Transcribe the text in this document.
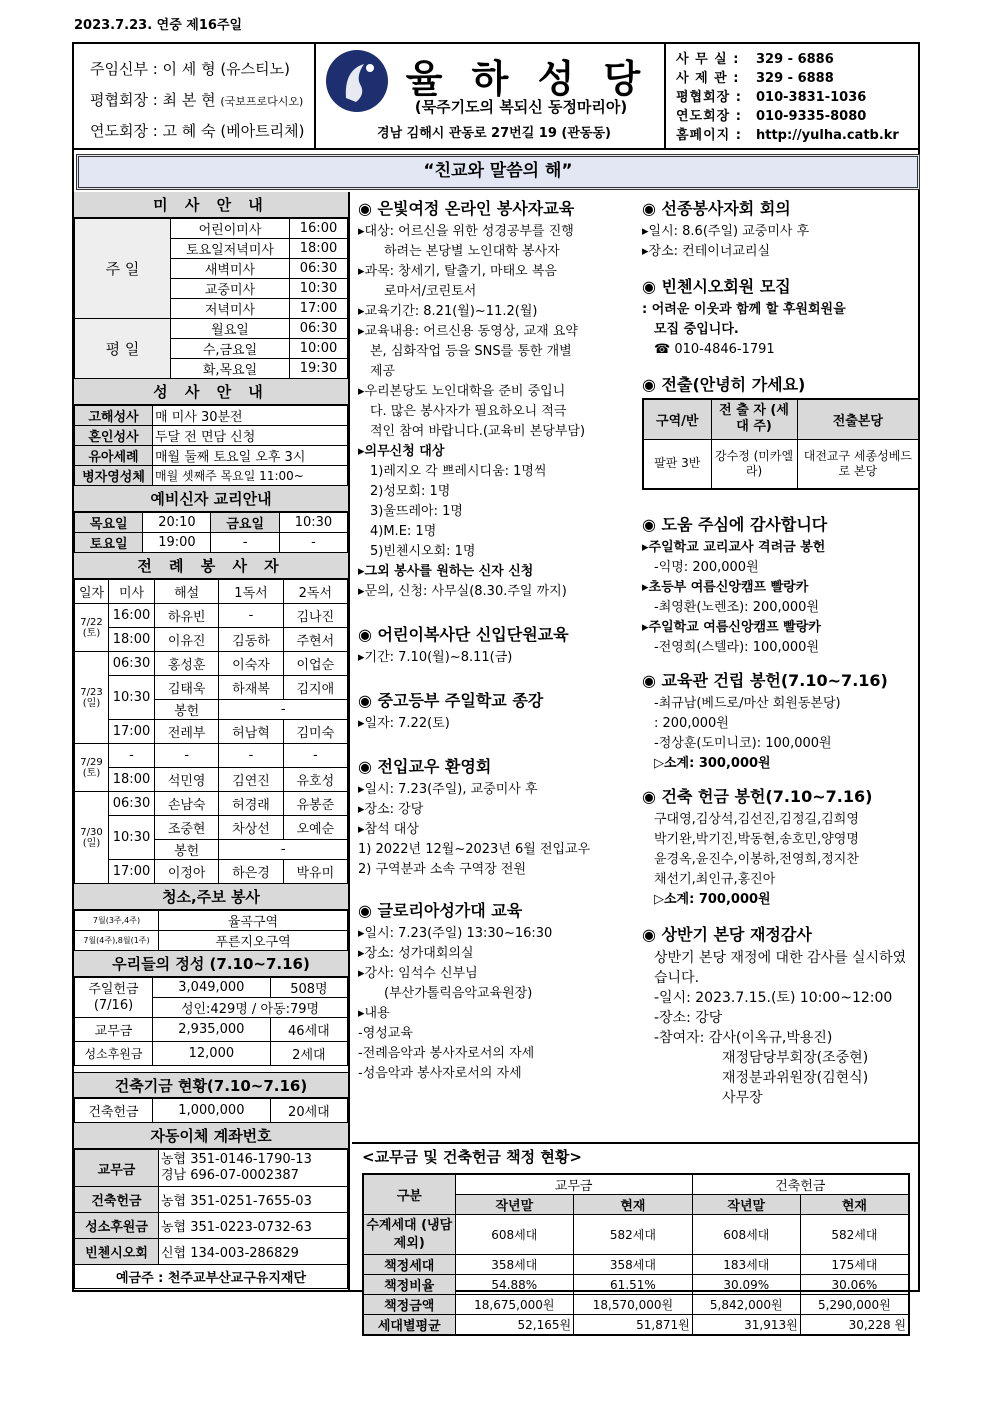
2023.7.23. 연중 제16주일
주임신부 : 이 세 형 (유스티노)
평협회장 : 최 본 현 (국보프로다시오)
연도회장 : 고 혜 숙 (베아트리체)
율 하 성 당
(묵주기도의 복되신 동정마리아)
경남 김해시 관동로 27번길 19 (관동동)
사 무 실 : 329 - 6886
사 제 관 : 329 - 6888
평협회장 : 010-3831-1036
연도회장 : 010-9335-8080
홈페이지 : http://yulha.catb.kr
“친교와 말씀의 해”
미 사 안 내
주 일	어린이미사	16:00
	토요일저녁미사	18:00
	새벽미사	06:30
	교중미사	10:30
	저녁미사	17:00
평 일	월요일	06:30
	수,금요일	10:00
	화,목요일	19:30
성 사 안 내
고해성사	매 미사 30분전
혼인성사	두달 전 면담 신청
유아세례	매월 둘째 토요일 오후 3시
병자영성체	매월 셋째주 목요일 11:00~
예비신자 교리안내
목요일	20:10	금요일	10:30
토요일	19:00	-	-
전 례 봉 사 자
일자	미사	해설	1독서	2독서
7/22 (토)	16:00	하유빈	-	김나진
	18:00	이유진	김동하	주현서
7/23 (일)	06:30	홍성훈	이숙자	이업순
	10:30	김태욱	하재복	김지애
		봉헌	-	
	17:00	전레부	허남혁	김미숙
7/29 (토)	-	-	-	-
	18:00	석민영	김연진	유호성
7/30 (일)	06:30	손남숙	허경래	유봉준
	10:30	조중현	차상선	오예순
		봉헌	-	
	17:00	이정아	하은경	박유미
청소,주보 봉사
7월(3주,4주)	율곡구역
7월(4주),8월(1주)	푸른지오구역
우리들의 정성 (7.10~7.16)
주일헌금 (7/16)	3,049,000	508명
	성인:429명 / 아동:79명	
교무금	2,935,000	46세대
성소후원금	12,000	2세대
건축기금 현황(7.10~7.16)
건축헌금	1,000,000	20세대
자동이체 계좌번호
교무금	농협 351-0146-1790-13
경남 696-07-0002387

건축헌금	농협 351-0251-7655-03
성소후원금	농협 351-0223-0732-63
빈첸시오회	신협 134-003-286829
예금주 : 천주교부산교구유지재단	
◉ 은빛여정 온라인 봉사자교육
▸대상: 어르신을 위한 성경공부를 진행
하려는 본당별 노인대학 봉사자
▸과목: 창세기, 탈출기, 마태오 복음
로마서/코린토서
▸교육기간: 8.21(월)~11.2(월)
▸교육내용: 어르신용 동영상, 교재 요약
본, 심화작업 등을 SNS를 통한 개별
제공
▸우리본당도 노인대학을 준비 중입니
다. 많은 봉사자가 필요하오니 적극
적인 참여 바랍니다.(교육비 본당부담)
▸의무신청 대상
1)레지오 각 쁘레시디움: 1명씩
2)성모회: 1명
3)울뜨레아: 1명
4)M.E: 1명
5)빈첸시오회: 1명
▸그외 봉사를 원하는 신자 신청
▸문의, 신청: 사무실(8.30.주일 까지)
◉ 어린이복사단 신입단원교육
▸기간: 7.10(월)~8.11(금)
◉ 중고등부 주일학교 종강
▸일자: 7.22(토)
◉ 전입교우 환영회
▸일시: 7.23(주일), 교중미사 후
▸장소: 강당
▸참석 대상
1) 2022년 12월~2023년 6월 전입교우
2) 구역분과 소속 구역장 전원
◉ 글로리아성가대 교육
▸일시: 7.23(주일) 13:30~16:30
▸장소: 성가대회의실
▸강사: 임석수 신부님
(부산가톨릭음악교육원장)
▸내용
-영성교육
-전례음악과 봉사자로서의 자세
-성음악과 봉사자로서의 자세
◉ 선종봉사자회 회의
▸일시: 8.6(주일) 교중미사 후
▸장소: 컨테이너교리실
◉ 빈첸시오회원 모집
: 어려운 이웃과 함께 할 후원회원을
모집 중입니다.
☎ 010-4846-1791
◉ 전출(안녕히 가세요)
구역/반	전 출 자 (세 대 주)	전출본당
팔판 3반	강수정 (미카엘라)	대전교구 세종성베드로 본당
◉ 도움 주심에 감사합니다
▸주일학교 교리교사 격려금 봉헌
-익명: 200,000원
▸초등부 여름신앙캠프 빨랑카
-최영환(노렌조): 200,000원
▸주일학교 여름신앙캠프 빨랑카
-전영희(스텔라): 100,000원
◉ 교육관 건립 봉헌(7.10~7.16)
-최규남(베드로/마산 회원동본당)
: 200,000원
-정상훈(도미니코): 100,000원
▷소계: 300,000원
◉ 건축 헌금 봉헌(7.10~7.16)
구대영,김상석,김선진,김정길,김희영
박기완,박기진,박동현,송호민,양영명
윤경옥,윤진수,이봉하,전영희,정지찬
채선기,최인규,홍진아
▷소계: 700,000원
◉ 상반기 본당 재정감사
상반기 본당 재정에 대한 감사를 실시하였습니다.
-일시: 2023.7.15.(토) 10:00~12:00
-장소: 강당
-참여자: 감사(이옥규,박용진)
재정담당부회장(조중현)
재정분과위원장(김현식)
사무장
<교무금 및 건축헌금 책정 현황>
구분	교무금		건축헌금	
	작년말	현재	작년말	현재
수계세대 (냉담제외)	608세대	582세대	608세대	582세대
책정세대	358세대	358세대	183세대	175세대
책정비율	54.88%	61.51%	30.09%	30.06%
책정금액	18,675,000원	18,570,000원	5,842,000원	5,290,000원
세대별평균	52,165원	51,871원	31,913원	30,228 원
